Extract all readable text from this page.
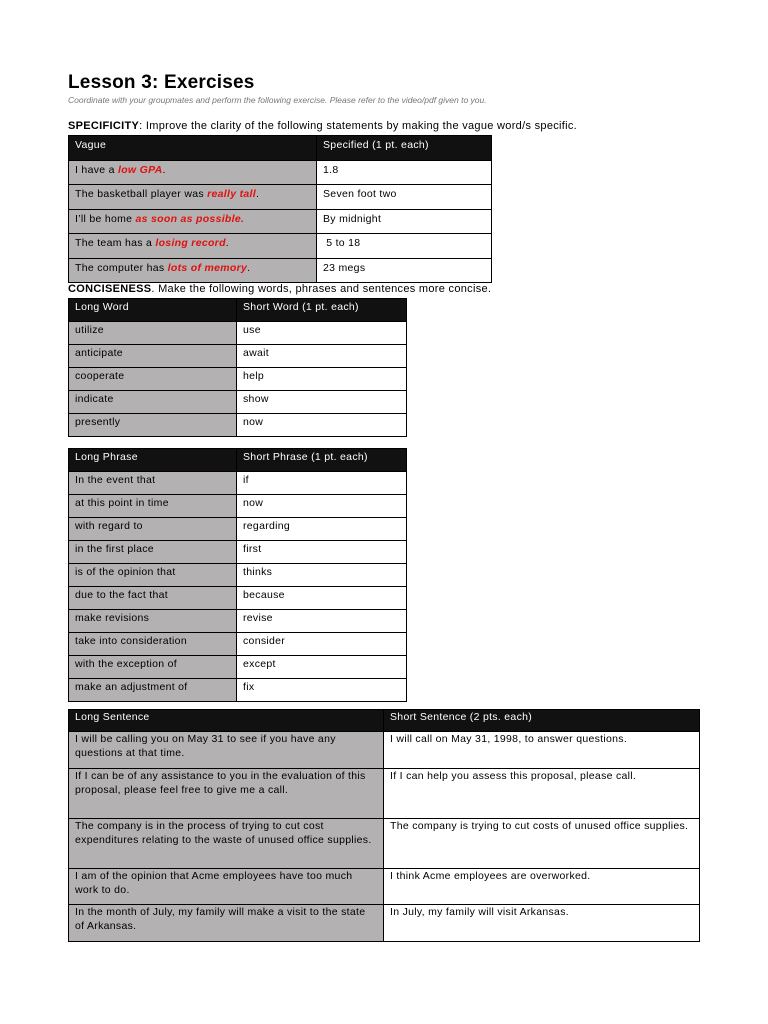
Lesson 3: Exercises
Coordinate with your groupmates and perform the following exercise. Please refer to the video/pdf given to you.
SPECIFICITY: Improve the clarity of the following statements by making the vague word/s specific.
Vague	Specified (1 pt. each)
I have a low GPA.	1.8
The basketball player was really tall.	Seven foot two
I’ll be home as soon as possible.	By midnight
The team has a losing record.	5 to 18
The computer has lots of memory.	23 megs
CONCISENESS. Make the following words, phrases and sentences more concise.
Long Word	Short Word (1 pt. each)
utilize	use
anticipate	await
cooperate	help
indicate	show
presently	now
Long Phrase	Short Phrase (1 pt. each)
In the event that	if
at this point in time	now
with regard to	regarding
in the first place	first
is of the opinion that	thinks
due to the fact that	because
make revisions	revise
take into consideration	consider
with the exception of	except
make an adjustment of	fix
Long Sentence	Short Sentence (2 pts. each)
I will be calling you on May 31 to see if you have any questions at that time.	I will call on May 31, 1998, to answer questions.
If I can be of any assistance to you in the evaluation of this proposal, please feel free to give me a call.	If I can help you assess this proposal, please call.
The company is in the process of trying to cut cost expenditures relating to the waste of unused office supplies.	The company is trying to cut costs of unused office supplies.
I am of the opinion that Acme employees have too much work to do.	I think Acme employees are overworked.
In the month of July, my family will make a visit to the state of Arkansas.	In July, my family will visit Arkansas.
